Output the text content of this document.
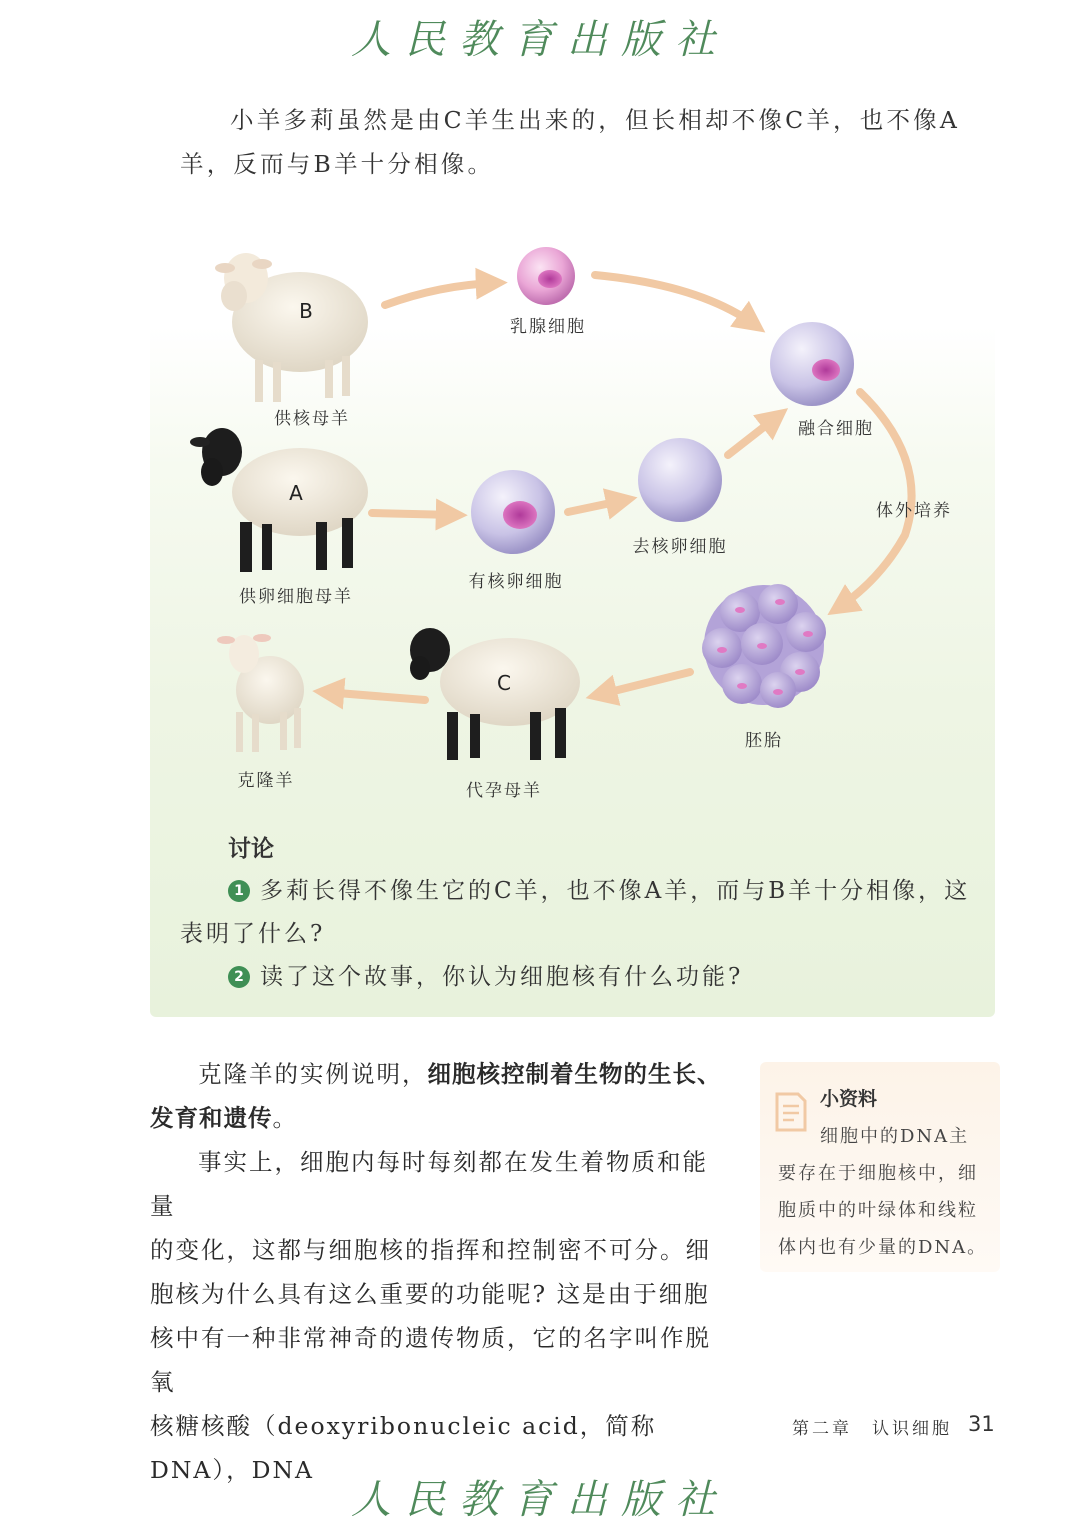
人民教育出版社

小羊多莉虽然是由C羊生出来的，但长相却不像C羊，也不像A
羊，反而与B羊十分相像。

B
供核母羊
A
供卵细胞母羊
乳腺细胞
融合细胞
有核卵细胞
去核卵细胞
体外培养
胚胎
C
代孕母羊
克隆羊
讨论

1 多莉长得不像生它的C羊，也不像A羊，而与B羊十分相像，这
表明了什么?

2 读了这个故事，你认为细胞核有什么功能?

克隆羊的实例说明，细胞核控制着生物的生长、发育和遗传。
事实上，细胞内每时每刻都在发生着物质和能量
的变化，这都与细胞核的指挥和控制密不可分。细
胞核为什么具有这么重要的功能呢? 这是由于细胞
核中有一种非常神奇的遗传物质，它的名字叫作脱氧
核糖核酸（deoxyribonucleic acid，简称DNA），DNA

小资料

细胞中的DNA主
要存在于细胞核中，细
胞质中的叶绿体和线粒
体内也有少量的DNA。

第二章　认识细胞 31
人民教育出版社
